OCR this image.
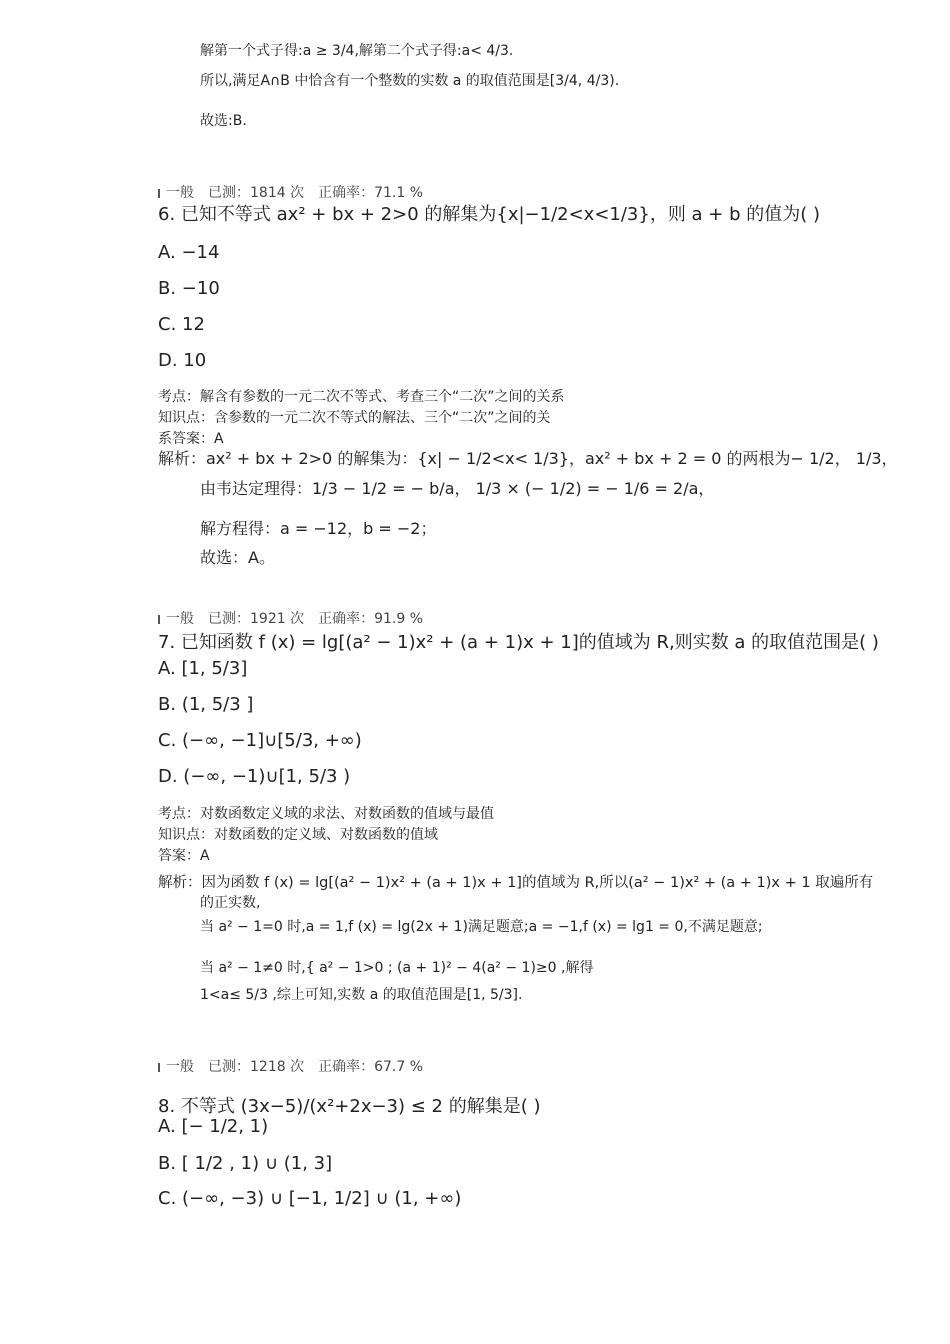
解第一个式子得:a ≥ 3/4,解第二个式子得:a< 4/3.
所以,满足A∩B 中恰含有一个整数的实数 a 的取值范围是[3/4, 4/3).
故选:B.
一般 已测：1814 次 正确率：71.1 %
6. 已知不等式 ax² + bx + 2>0 的解集为{x|−1/2<x<1/3}，则 a + b 的值为( )
A. −14
B. −10
C. 12
D. 10
考点：解含有参数的一元二次不等式、考查三个“二次”之间的关系
知识点：含参数的一元二次不等式的解法、三个“二次”之间的关
系答案：A
解析：ax² + bx + 2>0 的解集为：{x| − 1/2<x< 1/3}，ax² + bx + 2 = 0 的两根为− 1/2， 1/3，
由韦达定理得：1/3 − 1/2 = − b/a， 1/3 × (− 1/2) = − 1/6 = 2/a，
解方程得：a = −12，b = −2；
故选：A。
一般 已测：1921 次 正确率：91.9 %
7. 已知函数 f (x) = lg[(a² − 1)x² + (a + 1)x + 1]的值域为 R,则实数 a 的取值范围是( )
A. [1, 5/3]
B. (1, 5/3 ]
C. (−∞, −1]∪[5/3, +∞)
D. (−∞, −1)∪[1, 5/3 )
考点：对数函数定义域的求法、对数函数的值域与最值
知识点：对数函数的定义域、对数函数的值域
答案：A
解析：因为函数 f (x) = lg[(a² − 1)x² + (a + 1)x + 1]的值域为 R,所以(a² − 1)x² + (a + 1)x + 1 取遍所有
的正实数,
当 a² − 1=0 时,a = 1,f (x) = lg(2x + 1)满足题意;a = −1,f (x) = lg1 = 0,不满足题意;
当 a² − 1≠0 时,{ a² − 1>0 ; (a + 1)² − 4(a² − 1)≥0 ,解得
1<a≤ 5/3 ,综上可知,实数 a 的取值范围是[1, 5/3].
一般 已测：1218 次 正确率：67.7 %
8. 不等式 (3x−5)/(x²+2x−3) ≤ 2 的解集是( )
A. [− 1/2, 1)
B. [ 1/2 , 1) ∪ (1, 3]
C. (−∞, −3) ∪ [−1, 1/2] ∪ (1, +∞)
